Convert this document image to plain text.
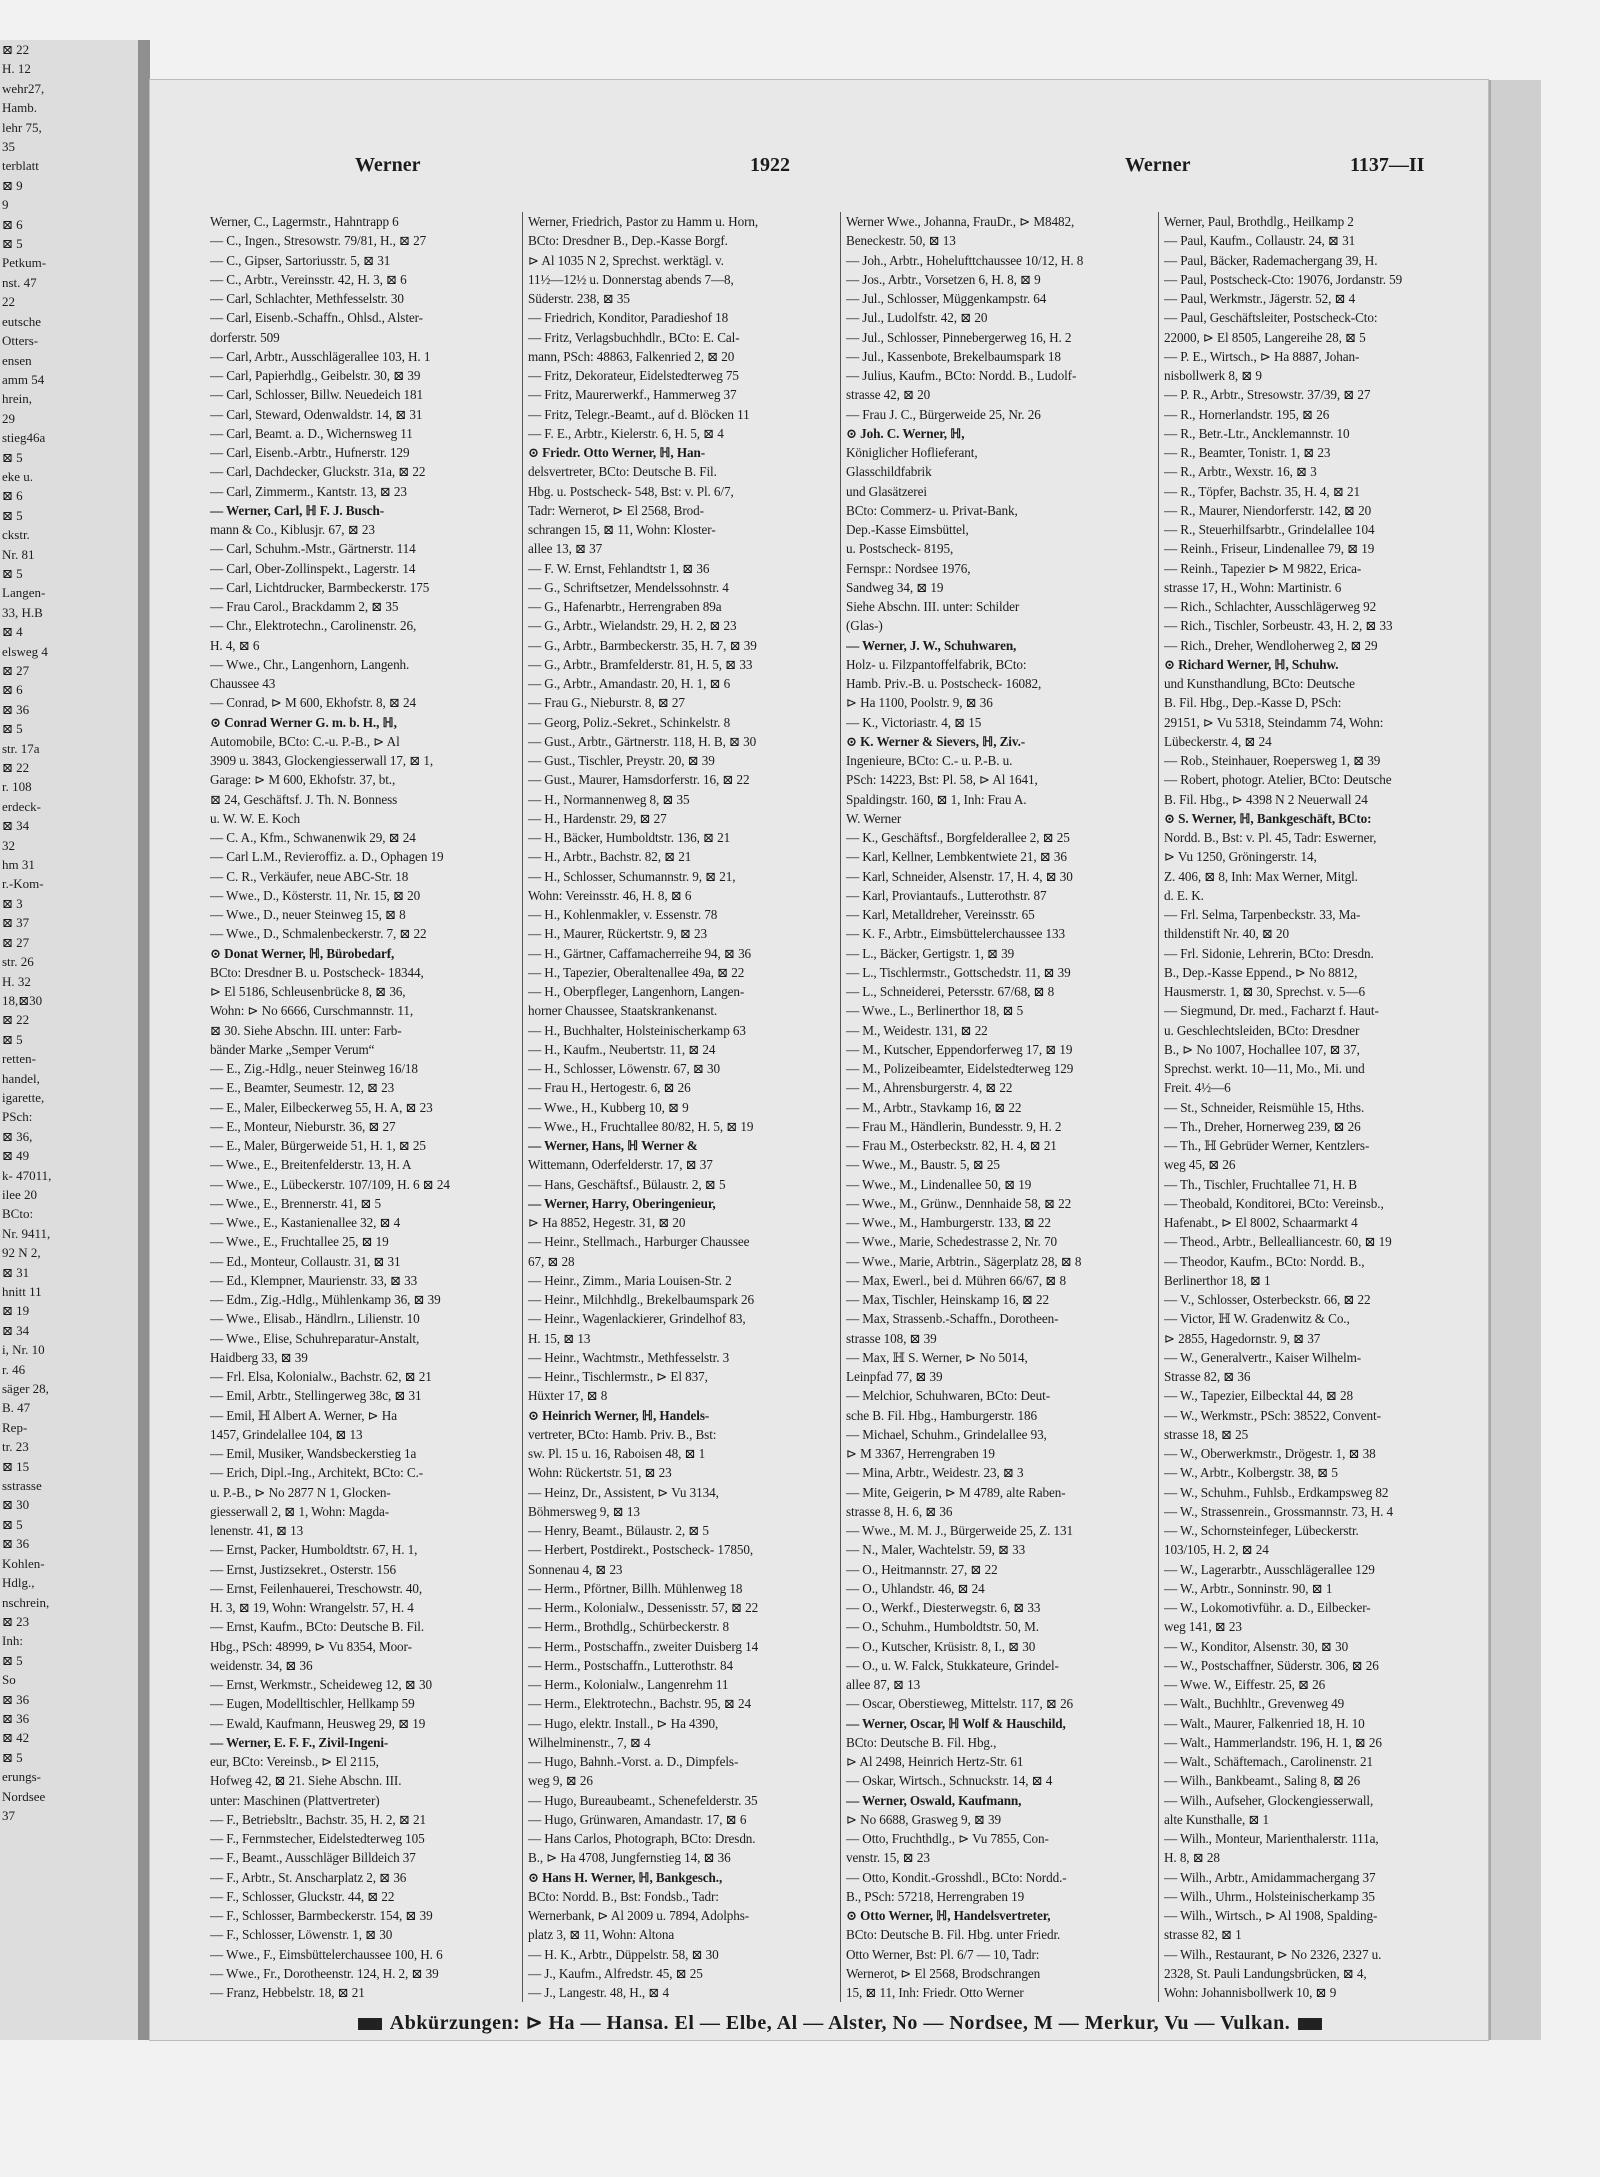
⊠ 22
H. 12
wehr27,
Hamb.
lehr 75,
35
terblatt
⊠ 9
9
⊠ 6
⊠ 5
Petkum-
nst. 47
22
eutsche
Otters-
ensen
amm 54
hrein,
29
stieg46a
⊠ 5
eke u.
⊠ 6
⊠ 5
ckstr.
Nr. 81
⊠ 5
Langen-
33, H.B
⊠ 4
elsweg 4
⊠ 27
⊠ 6
⊠ 36
⊠ 5
str. 17a
⊠ 22
r. 108
erdeck-
⊠ 34
32
hm 31
r.-Kom-
⊠ 3
⊠ 37
⊠ 27
str. 26
H. 32
18,⊠30
⊠ 22
⊠ 5
retten-
handel,
igarette,
PSch:
⊠ 36,
⊠ 49
k- 47011,
ilee 20
BCto:
Nr. 9411,
92 N 2,
⊠ 31
hnitt 11
⊠ 19
⊠ 34
i, Nr. 10
r. 46
säger 28,
B. 47
Rep-
tr. 23
⊠ 15
sstrasse
⊠ 30
⊠ 5
⊠ 36
Kohlen-
Hdlg.,
nschrein,
⊠ 23
Inh:
⊠ 5
So
⊠ 36
⊠ 36
⊠ 42
⊠ 5
erungs-
Nordsee
37
Werner	1922	Werner	1137—II
Werner, C., Lagermstr., Hahntrapp 6
— C., Ingen., Stresowstr. 79/81, H., ⊠ 27
— C., Gipser, Sartoriusstr. 5, ⊠ 31
— C., Arbtr., Vereinsstr. 42, H. 3, ⊠ 6
— Carl, Schlachter, Methfesselstr. 30
— Carl, Eisenb.-Schaffn., Ohlsd., Alster-
dorferstr. 509
— Carl, Arbtr., Ausschlägerallee 103, H. 1
— Carl, Papierhdlg., Geibelstr. 30, ⊠ 39
— Carl, Schlosser, Billw. Neuedeich 181
— Carl, Steward, Odenwaldstr. 14, ⊠ 31
— Carl, Beamt. a. D., Wichernsweg 11
— Carl, Eisenb.-Arbtr., Hufnerstr. 129
— Carl, Dachdecker, Gluckstr. 31a, ⊠ 22
— Carl, Zimmerm., Kantstr. 13, ⊠ 23
— Werner, Carl, ℍ F. J. Busch-
mann & Co., Kiblusjr. 67, ⊠ 23
— Carl, Schuhm.-Mstr., Gärtnerstr. 114
— Carl, Ober-Zollinspekt., Lagerstr. 14
— Carl, Lichtdrucker, Barmbeckerstr. 175
— Frau Carol., Brackdamm 2, ⊠ 35
— Chr., Elektrotechn., Carolinenstr. 26,
H. 4, ⊠ 6
— Wwe., Chr., Langenhorn, Langenh.
Chaussee 43
— Conrad, ⊳ M 600, Ekhofstr. 8, ⊠ 24
⊙ Conrad Werner G. m. b. H., ℍ,
Automobile, BCto: C.-u. P.-B., ⊳ Al
3909 u. 3843, Glockengiesserwall 17, ⊠ 1,
Garage: ⊳ M 600, Ekhofstr. 37, bt.,
⊠ 24, Geschäftsf. J. Th. N. Bonness
u. W. W. E. Koch
— C. A., Kfm., Schwanenwik 29, ⊠ 24
— Carl L.M., Revieroffiz. a. D., Ophagen 19
— C. R., Verkäufer, neue ABC-Str. 18
— Wwe., D., Kösterstr. 11, Nr. 15, ⊠ 20
— Wwe., D., neuer Steinweg 15, ⊠ 8
— Wwe., D., Schmalenbeckerstr. 7, ⊠ 22
⊙ Donat Werner, ℍ, Bürobedarf,
BCto: Dresdner B. u. Postscheck- 18344,
⊳ El 5186, Schleusenbrücke 8, ⊠ 36,
Wohn: ⊳ No 6666, Curschmannstr. 11,
⊠ 30. Siehe Abschn. III. unter: Farb-
bänder Marke „Semper Verum“
— E., Zig.-Hdlg., neuer Steinweg 16/18
— E., Beamter, Seumestr. 12, ⊠ 23
— E., Maler, Eilbeckerweg 55, H. A, ⊠ 23
— E., Monteur, Nieburstr. 36, ⊠ 27
— E., Maler, Bürgerweide 51, H. 1, ⊠ 25
— Wwe., E., Breitenfelderstr. 13, H. A
— Wwe., E., Lübeckerstr. 107/109, H. 6 ⊠ 24
— Wwe., E., Brennerstr. 41, ⊠ 5
— Wwe., E., Kastanienallee 32, ⊠ 4
— Wwe., E., Fruchtallee 25, ⊠ 19
— Ed., Monteur, Collaustr. 31, ⊠ 31
— Ed., Klempner, Maurienstr. 33, ⊠ 33
— Edm., Zig.-Hdlg., Mühlenkamp 36, ⊠ 39
— Wwe., Elisab., Händlrn., Lilienstr. 10
— Wwe., Elise, Schuhreparatur-Anstalt,
Haidberg 33, ⊠ 39
— Frl. Elsa, Kolonialw., Bachstr. 62, ⊠ 21
— Emil, Arbtr., Stellingerweg 38c, ⊠ 31
— Emil, ℍ Albert A. Werner, ⊳ Ha
1457, Grindelallee 104, ⊠ 13
— Emil, Musiker, Wandsbeckerstieg 1a
— Erich, Dipl.-Ing., Architekt, BCto: C.-
u. P.-B., ⊳ No 2877 N 1, Glocken-
giesserwall 2, ⊠ 1, Wohn: Magda-
lenenstr. 41, ⊠ 13
— Ernst, Packer, Humboldtstr. 67, H. 1,
— Ernst, Justizsekret., Osterstr. 156
— Ernst, Feilenhauerei, Treschowstr. 40,
H. 3, ⊠ 19, Wohn: Wrangelstr. 57, H. 4
— Ernst, Kaufm., BCto: Deutsche B. Fil.
Hbg., PSch: 48999, ⊳ Vu 8354, Moor-
weidenstr. 34, ⊠ 36
— Ernst, Werkmstr., Scheideweg 12, ⊠ 30
— Eugen, Modelltischler, Hellkamp 59
— Ewald, Kaufmann, Heusweg 29, ⊠ 19
— Werner, E. F. F., Zivil-Ingeni-
eur, BCto: Vereinsb., ⊳ El 2115,
Hofweg 42, ⊠ 21. Siehe Abschn. III.
unter: Maschinen (Plattvertreter)
— F., Betriebsltr., Bachstr. 35, H. 2, ⊠ 21
— F., Fernmstecher, Eidelstedterweg 105
— F., Beamt., Ausschläger Billdeich 37
— F., Arbtr., St. Anscharplatz 2, ⊠ 36
— F., Schlosser, Gluckstr. 44, ⊠ 22
— F., Schlosser, Barmbeckerstr. 154, ⊠ 39
— F., Schlosser, Löwenstr. 1, ⊠ 30
— Wwe., F., Eimsbüttelerchaussee 100, H. 6
— Wwe., Fr., Dorotheenstr. 124, H. 2, ⊠ 39
— Franz, Hebbelstr. 18, ⊠ 21
Werner, Friedrich, Pastor zu Hamm u. Horn,
BCto: Dresdner B., Dep.-Kasse Borgf.
⊳ Al 1035 N 2, Sprechst. werktägl. v.
11½—12½ u. Donnerstag abends 7—8,
Süderstr. 238, ⊠ 35
— Friedrich, Konditor, Paradieshof 18
— Fritz, Verlagsbuchhdlr., BCto: E. Cal-
mann, PSch: 48863, Falkenried 2, ⊠ 20
— Fritz, Dekorateur, Eidelstedterweg 75
— Fritz, Maurerwerkf., Hammerweg 37
— Fritz, Telegr.-Beamt., auf d. Blöcken 11
— F. E., Arbtr., Kielerstr. 6, H. 5, ⊠ 4
⊙ Friedr. Otto Werner, ℍ, Han-
delsvertreter, BCto: Deutsche B. Fil.
Hbg. u. Postscheck- 548, Bst: v. Pl. 6/7,
Tadr: Wernerot, ⊳ El 2568, Brod-
schrangen 15, ⊠ 11, Wohn: Kloster-
allee 13, ⊠ 37
— F. W. Ernst, Fehlandtstr 1, ⊠ 36
— G., Schriftsetzer, Mendelssohnstr. 4
— G., Hafenarbtr., Herrengraben 89a
— G., Arbtr., Wielandstr. 29, H. 2, ⊠ 23
— G., Arbtr., Barmbeckerstr. 35, H. 7, ⊠ 39
— G., Arbtr., Bramfelderstr. 81, H. 5, ⊠ 33
— G., Arbtr., Amandastr. 20, H. 1, ⊠ 6
— Frau G., Nieburstr. 8, ⊠ 27
— Georg, Poliz.-Sekret., Schinkelstr. 8
— Gust., Arbtr., Gärtnerstr. 118, H. B, ⊠ 30
— Gust., Tischler, Preystr. 20, ⊠ 39
— Gust., Maurer, Hamsdorferstr. 16, ⊠ 22
— H., Normannenweg 8, ⊠ 35
— H., Hardenstr. 29, ⊠ 27
— H., Bäcker, Humboldtstr. 136, ⊠ 21
— H., Arbtr., Bachstr. 82, ⊠ 21
— H., Schlosser, Schumannstr. 9, ⊠ 21,
Wohn: Vereinsstr. 46, H. 8, ⊠ 6
— H., Kohlenmakler, v. Essenstr. 78
— H., Maurer, Rückertstr. 9, ⊠ 23
— H., Gärtner, Caffamacherreihe 94, ⊠ 36
— H., Tapezier, Oberaltenallee 49a, ⊠ 22
— H., Oberpfleger, Langenhorn, Langen-
horner Chaussee, Staatskrankenanst.
— H., Buchhalter, Holsteinischerkamp 63
— H., Kaufm., Neubertstr. 11, ⊠ 24
— H., Schlosser, Löwenstr. 67, ⊠ 30
— Frau H., Hertogestr. 6, ⊠ 26
— Wwe., H., Kubberg 10, ⊠ 9
— Wwe., H., Fruchtallee 80/82, H. 5, ⊠ 19
— Werner, Hans, ℍ Werner &
Wittemann, Oderfelderstr. 17, ⊠ 37
— Hans, Geschäftsf., Bülaustr. 2, ⊠ 5
— Werner, Harry, Oberingenieur,
⊳ Ha 8852, Hegestr. 31, ⊠ 20
— Heinr., Stellmach., Harburger Chaussee
67, ⊠ 28
— Heinr., Zimm., Maria Louisen-Str. 2
— Heinr., Milchhdlg., Brekelbaumspark 26
— Heinr., Wagenlackierer, Grindelhof 83,
H. 15, ⊠ 13
— Heinr., Wachtmstr., Methfesselstr. 3
— Heinr., Tischlermstr., ⊳ El 837,
Hüxter 17, ⊠ 8
⊙ Heinrich Werner, ℍ, Handels-
vertreter, BCto: Hamb. Priv. B., Bst:
sw. Pl. 15 u. 16, Raboisen 48, ⊠ 1
Wohn: Rückertstr. 51, ⊠ 23
— Heinz, Dr., Assistent, ⊳ Vu 3134,
Böhmersweg 9, ⊠ 13
— Henry, Beamt., Bülaustr. 2, ⊠ 5
— Herbert, Postdirekt., Postscheck- 17850,
Sonnenau 4, ⊠ 23
— Herm., Pförtner, Billh. Mühlenweg 18
— Herm., Kolonialw., Dessenisstr. 57, ⊠ 22
— Herm., Brothdlg., Schürbeckerstr. 8
— Herm., Postschaffn., zweiter Duisberg 14
— Herm., Postschaffn., Lutterothstr. 84
— Herm., Kolonialw., Langenrehm 11
— Herm., Elektrotechn., Bachstr. 95, ⊠ 24
— Hugo, elektr. Install., ⊳ Ha 4390,
Wilhelminenstr., 7, ⊠ 4
— Hugo, Bahnh.-Vorst. a. D., Dimpfels-
weg 9, ⊠ 26
— Hugo, Bureaubeamt., Schenefelderstr. 35
— Hugo, Grünwaren, Amandastr. 17, ⊠ 6
— Hans Carlos, Photograph, BCto: Dresdn.
B., ⊳ Ha 4708, Jungfernstieg 14, ⊠ 36
⊙ Hans H. Werner, ℍ, Bankgesch.,
BCto: Nordd. B., Bst: Fondsb., Tadr:
Wernerbank, ⊳ Al 2009 u. 7894, Adolphs-
platz 3, ⊠ 11, Wohn: Altona
— H. K., Arbtr., Düppelstr. 58, ⊠ 30
— J., Kaufm., Alfredstr. 45, ⊠ 25
— J., Langestr. 48, H., ⊠ 4
Werner Wwe., Johanna, FrauDr., ⊳ M8482,
Beneckestr. 50, ⊠ 13
— Joh., Arbtr., Hohelufttchaussee 10/12, H. 8
— Jos., Arbtr., Vorsetzen 6, H. 8, ⊠ 9
— Jul., Schlosser, Müggenkampstr. 64
— Jul., Ludolfstr. 42, ⊠ 20
— Jul., Schlosser, Pinnebergerweg 16, H. 2
— Jul., Kassenbote, Brekelbaumspark 18
— Julius, Kaufm., BCto: Nordd. B., Ludolf-
strasse 42, ⊠ 20
— Frau J. C., Bürgerweide 25, Nr. 26
⊙ Joh. C. Werner, ℍ,
Königlicher Hoflieferant,
Glasschildfabrik
und Glasätzerei
BCto: Commerz- u. Privat-Bank,
Dep.-Kasse Eimsbüttel,
u. Postscheck- 8195,
Fernspr.: Nordsee 1976,
Sandweg 34, ⊠ 19
Siehe Abschn. III. unter: Schilder
(Glas-)
— Werner, J. W., Schuhwaren,
Holz- u. Filzpantoffelfabrik, BCto:
Hamb. Priv.-B. u. Postscheck- 16082,
⊳ Ha 1100, Poolstr. 9, ⊠ 36
— K., Victoriastr. 4, ⊠ 15
⊙ K. Werner & Sievers, ℍ, Ziv.-
Ingenieure, BCto: C.- u. P.-B. u.
PSch: 14223, Bst: Pl. 58, ⊳ Al 1641,
Spaldingstr. 160, ⊠ 1, Inh: Frau A.
W. Werner
— K., Geschäftsf., Borgfelderallee 2, ⊠ 25
— Karl, Kellner, Lembkentwiete 21, ⊠ 36
— Karl, Schneider, Alsenstr. 17, H. 4, ⊠ 30
— Karl, Proviantaufs., Lutterothstr. 87
— Karl, Metalldreher, Vereinsstr. 65
— K. F., Arbtr., Eimsbüttelerchaussee 133
— L., Bäcker, Gertigstr. 1, ⊠ 39
— L., Tischlermstr., Gottschedstr. 11, ⊠ 39
— L., Schneiderei, Petersstr. 67/68, ⊠ 8
— Wwe., L., Berlinerthor 18, ⊠ 5
— M., Weidestr. 131, ⊠ 22
— M., Kutscher, Eppendorferweg 17, ⊠ 19
— M., Polizeibeamter, Eidelstedterweg 129
— M., Ahrensburgerstr. 4, ⊠ 22
— M., Arbtr., Stavkamp 16, ⊠ 22
— Frau M., Händlerin, Bundesstr. 9, H. 2
— Frau M., Osterbeckstr. 82, H. 4, ⊠ 21
— Wwe., M., Baustr. 5, ⊠ 25
— Wwe., M., Lindenallee 50, ⊠ 19
— Wwe., M., Grünw., Dennhaide 58, ⊠ 22
— Wwe., M., Hamburgerstr. 133, ⊠ 22
— Wwe., Marie, Schedestrasse 2, Nr. 70
— Wwe., Marie, Arbtrin., Sägerplatz 28, ⊠ 8
— Max, Ewerl., bei d. Mühren 66/67, ⊠ 8
— Max, Tischler, Heinskamp 16, ⊠ 22
— Max, Strassenb.-Schaffn., Dorotheen-
strasse 108, ⊠ 39
— Max, ℍ S. Werner, ⊳ No 5014,
Leinpfad 77, ⊠ 39
— Melchior, Schuhwaren, BCto: Deut-
sche B. Fil. Hbg., Hamburgerstr. 186
— Michael, Schuhm., Grindelallee 93,
⊳ M 3367, Herrengraben 19
— Mina, Arbtr., Weidestr. 23, ⊠ 3
— Mite, Geigerin, ⊳ M 4789, alte Raben-
strasse 8, H. 6, ⊠ 36
— Wwe., M. M. J., Bürgerweide 25, Z. 131
— N., Maler, Wachtelstr. 59, ⊠ 33
— O., Heitmannstr. 27, ⊠ 22
— O., Uhlandstr. 46, ⊠ 24
— O., Werkf., Diesterwegstr. 6, ⊠ 33
— O., Schuhm., Humboldtstr. 50, M.
— O., Kutscher, Krüsistr. 8, I., ⊠ 30
— O., u. W. Falck, Stukkateure, Grindel-
allee 87, ⊠ 13
— Oscar, Oberstieweg, Mittelstr. 117, ⊠ 26
— Werner, Oscar, ℍ Wolf & Hauschild,
BCto: Deutsche B. Fil. Hbg.,
⊳ Al 2498, Heinrich Hertz-Str. 61
— Oskar, Wirtsch., Schnuckstr. 14, ⊠ 4
— Werner, Oswald, Kaufmann,
⊳ No 6688, Grasweg 9, ⊠ 39
— Otto, Fruchthdlg., ⊳ Vu 7855, Con-
venstr. 15, ⊠ 23
— Otto, Kondit.-Grosshdl., BCto: Nordd.-
B., PSch: 57218, Herrengraben 19
⊙ Otto Werner, ℍ, Handelsvertreter,
BCto: Deutsche B. Fil. Hbg. unter Friedr.
Otto Werner, Bst: Pl. 6/7 — 10, Tadr:
Wernerot, ⊳ El 2568, Brodschrangen
15, ⊠ 11, Inh: Friedr. Otto Werner
Werner, Paul, Brothdlg., Heilkamp 2
— Paul, Kaufm., Collaustr. 24, ⊠ 31
— Paul, Bäcker, Rademachergang 39, H.
— Paul, Postscheck-Cto: 19076, Jordanstr. 59
— Paul, Werkmstr., Jägerstr. 52, ⊠ 4
— Paul, Geschäftsleiter, Postscheck-Cto:
22000, ⊳ El 8505, Langereihe 28, ⊠ 5
— P. E., Wirtsch., ⊳ Ha 8887, Johan-
nisbollwerk 8, ⊠ 9
— P. R., Arbtr., Stresowstr. 37/39, ⊠ 27
— R., Hornerlandstr. 195, ⊠ 26
— R., Betr.-Ltr., Ancklemannstr. 10
— R., Beamter, Tonistr. 1, ⊠ 23
— R., Arbtr., Wexstr. 16, ⊠ 3
— R., Töpfer, Bachstr. 35, H. 4, ⊠ 21
— R., Maurer, Niendorferstr. 142, ⊠ 20
— R., Steuerhilfsarbtr., Grindelallee 104
— Reinh., Friseur, Lindenallee 79, ⊠ 19
— Reinh., Tapezier ⊳ M 9822, Erica-
strasse 17, H., Wohn: Martinistr. 6
— Rich., Schlachter, Ausschlägerweg 92
— Rich., Tischler, Sorbeustr. 43, H. 2, ⊠ 33
— Rich., Dreher, Wendloherweg 2, ⊠ 29
⊙ Richard Werner, ℍ, Schuhw.
und Kunsthandlung, BCto: Deutsche
B. Fil. Hbg., Dep.-Kasse D, PSch:
29151, ⊳ Vu 5318, Steindamm 74, Wohn:
Lübeckerstr. 4, ⊠ 24
— Rob., Steinhauer, Roepersweg 1, ⊠ 39
— Robert, photogr. Atelier, BCto: Deutsche
B. Fil. Hbg., ⊳ 4398 N 2 Neuerwall 24
⊙ S. Werner, ℍ, Bankgeschäft, BCto:
Nordd. B., Bst: v. Pl. 45, Tadr: Eswerner,
⊳ Vu 1250, Gröningerstr. 14,
Z. 406, ⊠ 8, Inh: Max Werner, Mitgl.
d. E. K.
— Frl. Selma, Tarpenbeckstr. 33, Ma-
thildenstift Nr. 40, ⊠ 20
— Frl. Sidonie, Lehrerin, BCto: Dresdn.
B., Dep.-Kasse Eppend., ⊳ No 8812,
Hausmerstr. 1, ⊠ 30, Sprechst. v. 5—6
— Siegmund, Dr. med., Facharzt f. Haut-
u. Geschlechtsleiden, BCto: Dresdner
B., ⊳ No 1007, Hochallee 107, ⊠ 37,
Sprechst. werkt. 10—11, Mo., Mi. und
Freit. 4½—6
— St., Schneider, Reismühle 15, Hths.
— Th., Dreher, Hornerweg 239, ⊠ 26
— Th., ℍ Gebrüder Werner, Kentzlers-
weg 45, ⊠ 26
— Th., Tischler, Fruchtallee 71, H. B
— Theobald, Konditorei, BCto: Vereinsb.,
Hafenabt., ⊳ El 8002, Schaarmarkt 4
— Theod., Arbtr., Bellealliancestr. 60, ⊠ 19
— Theodor, Kaufm., BCto: Nordd. B.,
Berlinerthor 18, ⊠ 1
— V., Schlosser, Osterbeckstr. 66, ⊠ 22
— Victor, ℍ W. Gradenwitz & Co.,
⊳ 2855, Hagedornstr. 9, ⊠ 37
— W., Generalvertr., Kaiser Wilhelm-
Strasse 82, ⊠ 36
— W., Tapezier, Eilbecktal 44, ⊠ 28
— W., Werkmstr., PSch: 38522, Convent-
strasse 18, ⊠ 25
— W., Oberwerkmstr., Drögestr. 1, ⊠ 38
— W., Arbtr., Kolbergstr. 38, ⊠ 5
— W., Schuhm., Fuhlsb., Erdkampsweg 82
— W., Strassenrein., Grossmannstr. 73, H. 4
— W., Schornsteinfeger, Lübeckerstr.
103/105, H. 2, ⊠ 24
— W., Lagerarbtr., Ausschlägerallee 129
— W., Arbtr., Sonninstr. 90, ⊠ 1
— W., Lokomotivführ. a. D., Eilbecker-
weg 141, ⊠ 23
— W., Konditor, Alsenstr. 30, ⊠ 30
— W., Postschaffner, Süderstr. 306, ⊠ 26
— Wwe. W., Eiffestr. 25, ⊠ 26
— Walt., Buchhltr., Grevenweg 49
— Walt., Maurer, Falkenried 18, H. 10
— Walt., Hammerlandstr. 196, H. 1, ⊠ 26
— Walt., Schäftemach., Carolinenstr. 21
— Wilh., Bankbeamt., Saling 8, ⊠ 26
— Wilh., Aufseher, Glockengiesserwall,
alte Kunsthalle, ⊠ 1
— Wilh., Monteur, Marienthalerstr. 111a,
H. 8, ⊠ 28
— Wilh., Arbtr., Amidammachergang 37
— Wilh., Uhrm., Holsteinischerkamp 35
— Wilh., Wirtsch., ⊳ Al 1908, Spalding-
strasse 82, ⊠ 1
— Wilh., Restaurant, ⊳ No 2326, 2327 u.
2328, St. Pauli Landungsbrücken, ⊠ 4,
Wohn: Johannisbollwerk 10, ⊠ 9
Abkürzungen: ⊳ Ha — Hansa. El — Elbe, Al — Alster, No — Nordsee, M — Merkur, Vu — Vulkan.
